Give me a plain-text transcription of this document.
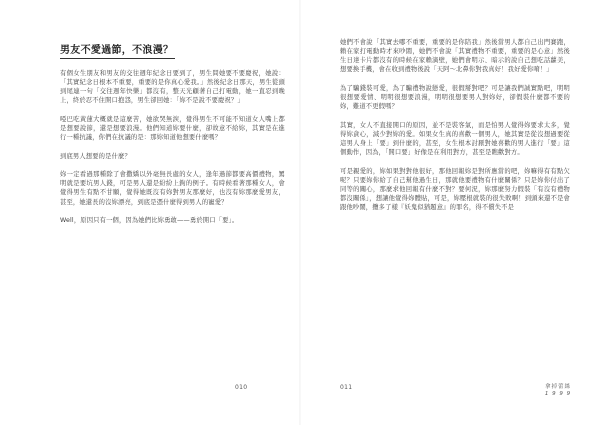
男友不愛過節，不浪漫？

有個女生朋友和男友的交往週年紀念日要到了，男生問她要不要慶祝，她說：「其實紀念日根本不重要，重要的是你真心愛我。」然後紀念日那天，男生從頭到尾連一句「交往週年快樂」都沒有，整天光顧著自己打電動，她一直忍到晚上，終於忍不住開口抱怨，男生卻回她：「妳不是說不要慶祝？」

啞巴吃黃蓮大概就是這麼苦，她欲哭無淚，覺得男生不可能不知道女人嘴上都是想要說節，還是想要浪漫。他們知道妳要什麼，卻故意不給妳，其實是在進行一種抗議，你們在抗議的是：那妳知道他想要什麼嗎？

到底男人想要的是什麼？

妳一定看過那種除了會撒嬌以外毫無長處的女人，逢年過節都要高價禮物，罵明就是要坑男人錢，可是男人還是紛紛上鉤的例子。有時候看著那種女人，會覺得男生有點不甘願，覺得她既沒有妳對男友那麼好，也沒有妳那麼愛男友，甚至，她還長的沒妳漂亮，到底是憑什麼得到男人的寵愛？

Well，原因只有一個，因為她們比妳勇敢——勇於開口「要」。

她們不會說「其實去哪不重要，重要的是你陪我」然後當男人都自己出門賽跑，賴在家打電動時才來吵閙，她們不會說「其實禮物不重要，重要的是心意」然後生日達卡片都沒有的時候在家賴滴壁，她們會明示、暗示的說自己想吃話蘿美，想要換手機，會在收到禮物後說「天阿～北鼻你對我真好！我好愛你唷！」

為了騙錢裝可愛，為了騙禮物說戀愛，很假掰對吧？可是讓我們誠實點吧，明明很想要愛情、明明很想要浪漫，明明很想要男人對妳好，卻假裝什麼都不要的妳，難道不更假嗎？

其實，女人不直接開口的原因，並不是裝客氣，而是怕男人覺得妳要求太多，覺得妳貪心，減少對妳的愛。如果女生真的喜歡一個男人，她其實是從沒想過要從這男人身上「要」到什麼的，甚至，女生根本討厭對她喜歡的男人進行「要」這個動作，因為，「開口要」好像是在利用對方，甚至是瞧歡對方。

可是親愛的，妳如果對對他很好，那他回報妳是對所應當的吧，妳嘛得有有點欠呢？只要妳你給了自己幫他過生日，那就他要禮物有什麼關係？只是妳你付出了同等的關心，那麼求他回報有什麼不對？要何況，妳那麼努力假裝「有沒有禮物都沒關係」，想讓他覺得妳體貼，可是，妳壓根就裝的很失敗啊！到頭來還不是會跟他吵鬧，攬多了樣『妖鬼似猶題意』的罪名，得不償失不是

010	011	拿掉蕾絲
1 9 9 9
